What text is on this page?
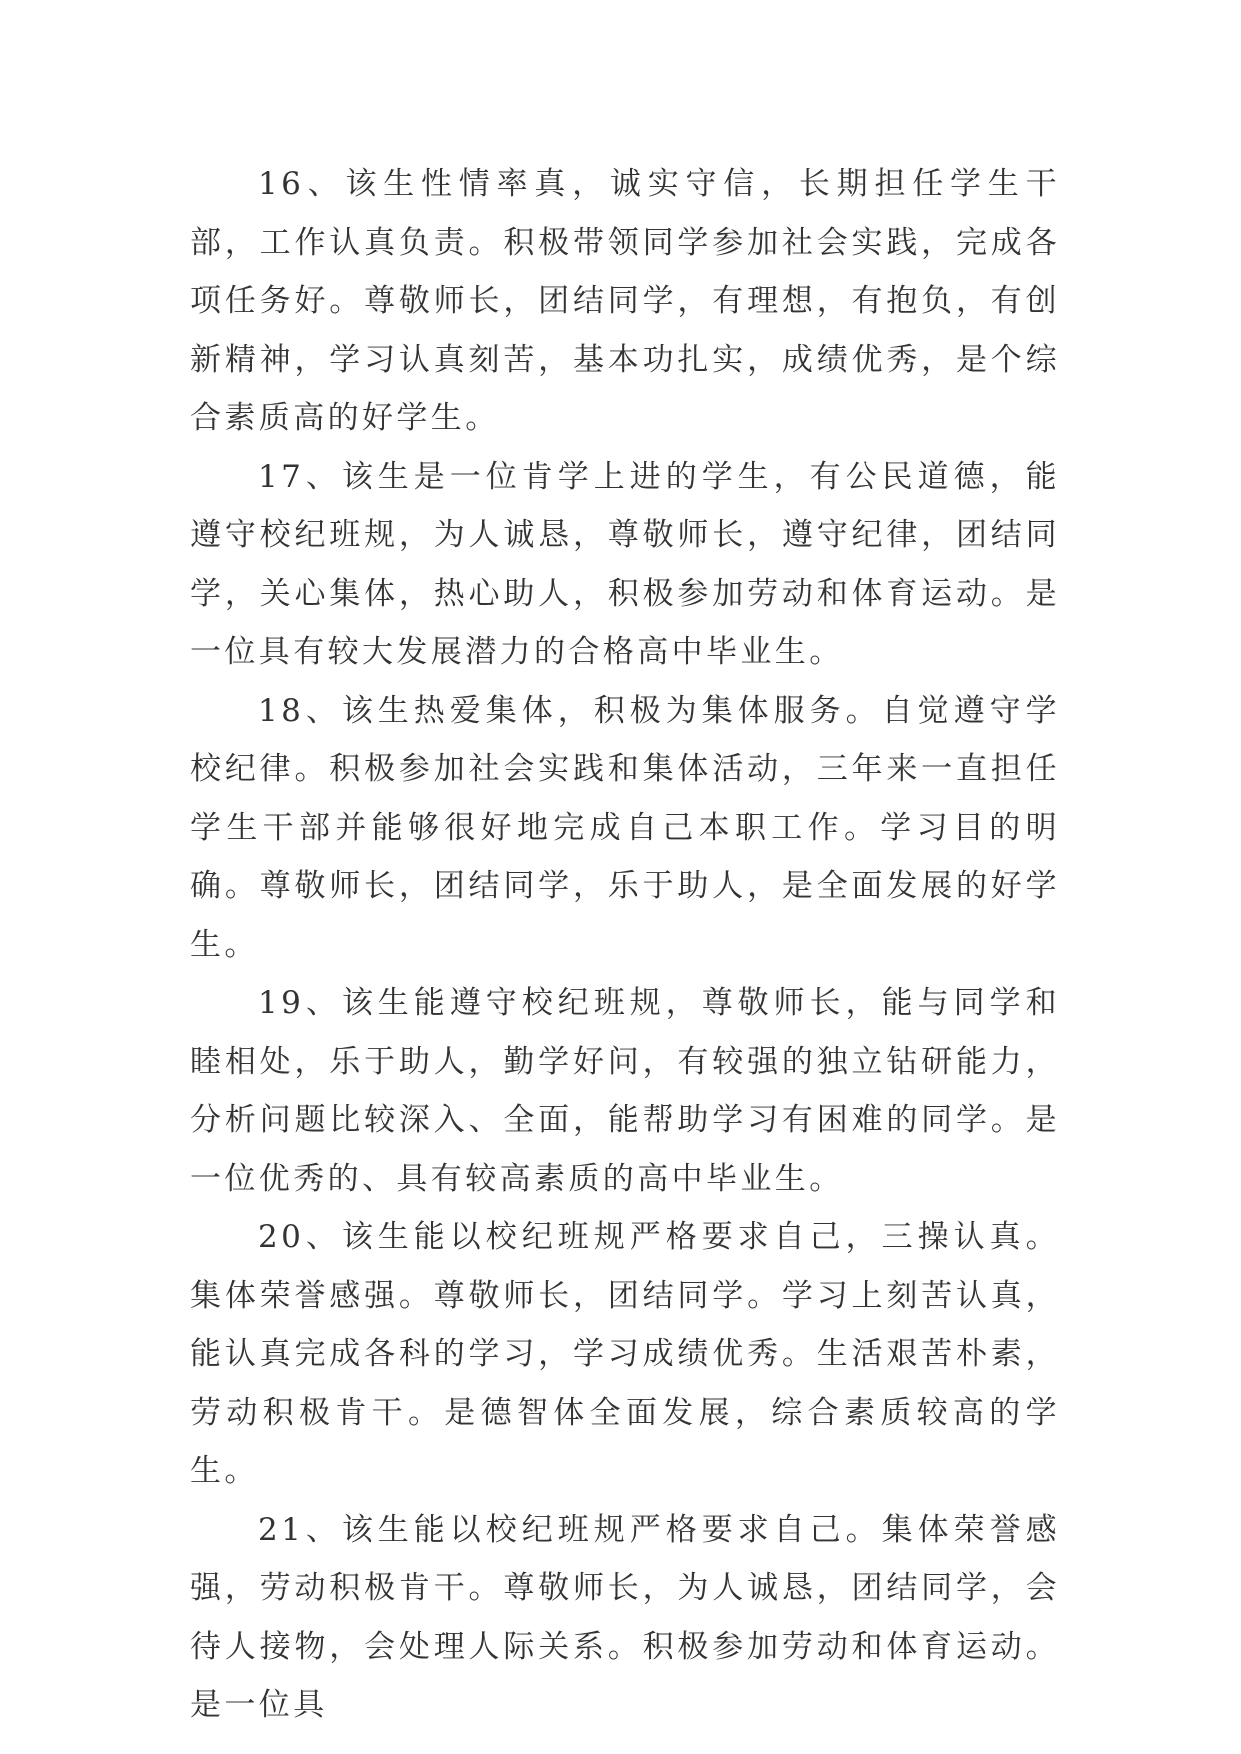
16、该生性情率真，诚实守信，长期担任学生干部，工作认真负责。积极带领同学参加社会实践，完成各项任务好。尊敬师长，团结同学，有理想，有抱负，有创新精神，学习认真刻苦，基本功扎实，成绩优秀，是个综合素质高的好学生。

17、该生是一位肯学上进的学生，有公民道德，能遵守校纪班规，为人诚恳，尊敬师长，遵守纪律，团结同学，关心集体，热心助人，积极参加劳动和体育运动。是一位具有较大发展潜力的合格高中毕业生。

18、该生热爱集体，积极为集体服务。自觉遵守学校纪律。积极参加社会实践和集体活动，三年来一直担任学生干部并能够很好地完成自己本职工作。学习目的明确。尊敬师长，团结同学，乐于助人，是全面发展的好学生。

19、该生能遵守校纪班规，尊敬师长，能与同学和睦相处，乐于助人，勤学好问，有较强的独立钻研能力，分析问题比较深入、全面，能帮助学习有困难的同学。是一位优秀的、具有较高素质的高中毕业生。

20、该生能以校纪班规严格要求自己，三操认真。集体荣誉感强。尊敬师长，团结同学。学习上刻苦认真，能认真完成各科的学习，学习成绩优秀。生活艰苦朴素，劳动积极肯干。是德智体全面发展，综合素质较高的学生。

21、该生能以校纪班规严格要求自己。集体荣誉感强，劳动积极肯干。尊敬师长，为人诚恳，团结同学，会待人接物，会处理人际关系。积极参加劳动和体育运动。是一位具
